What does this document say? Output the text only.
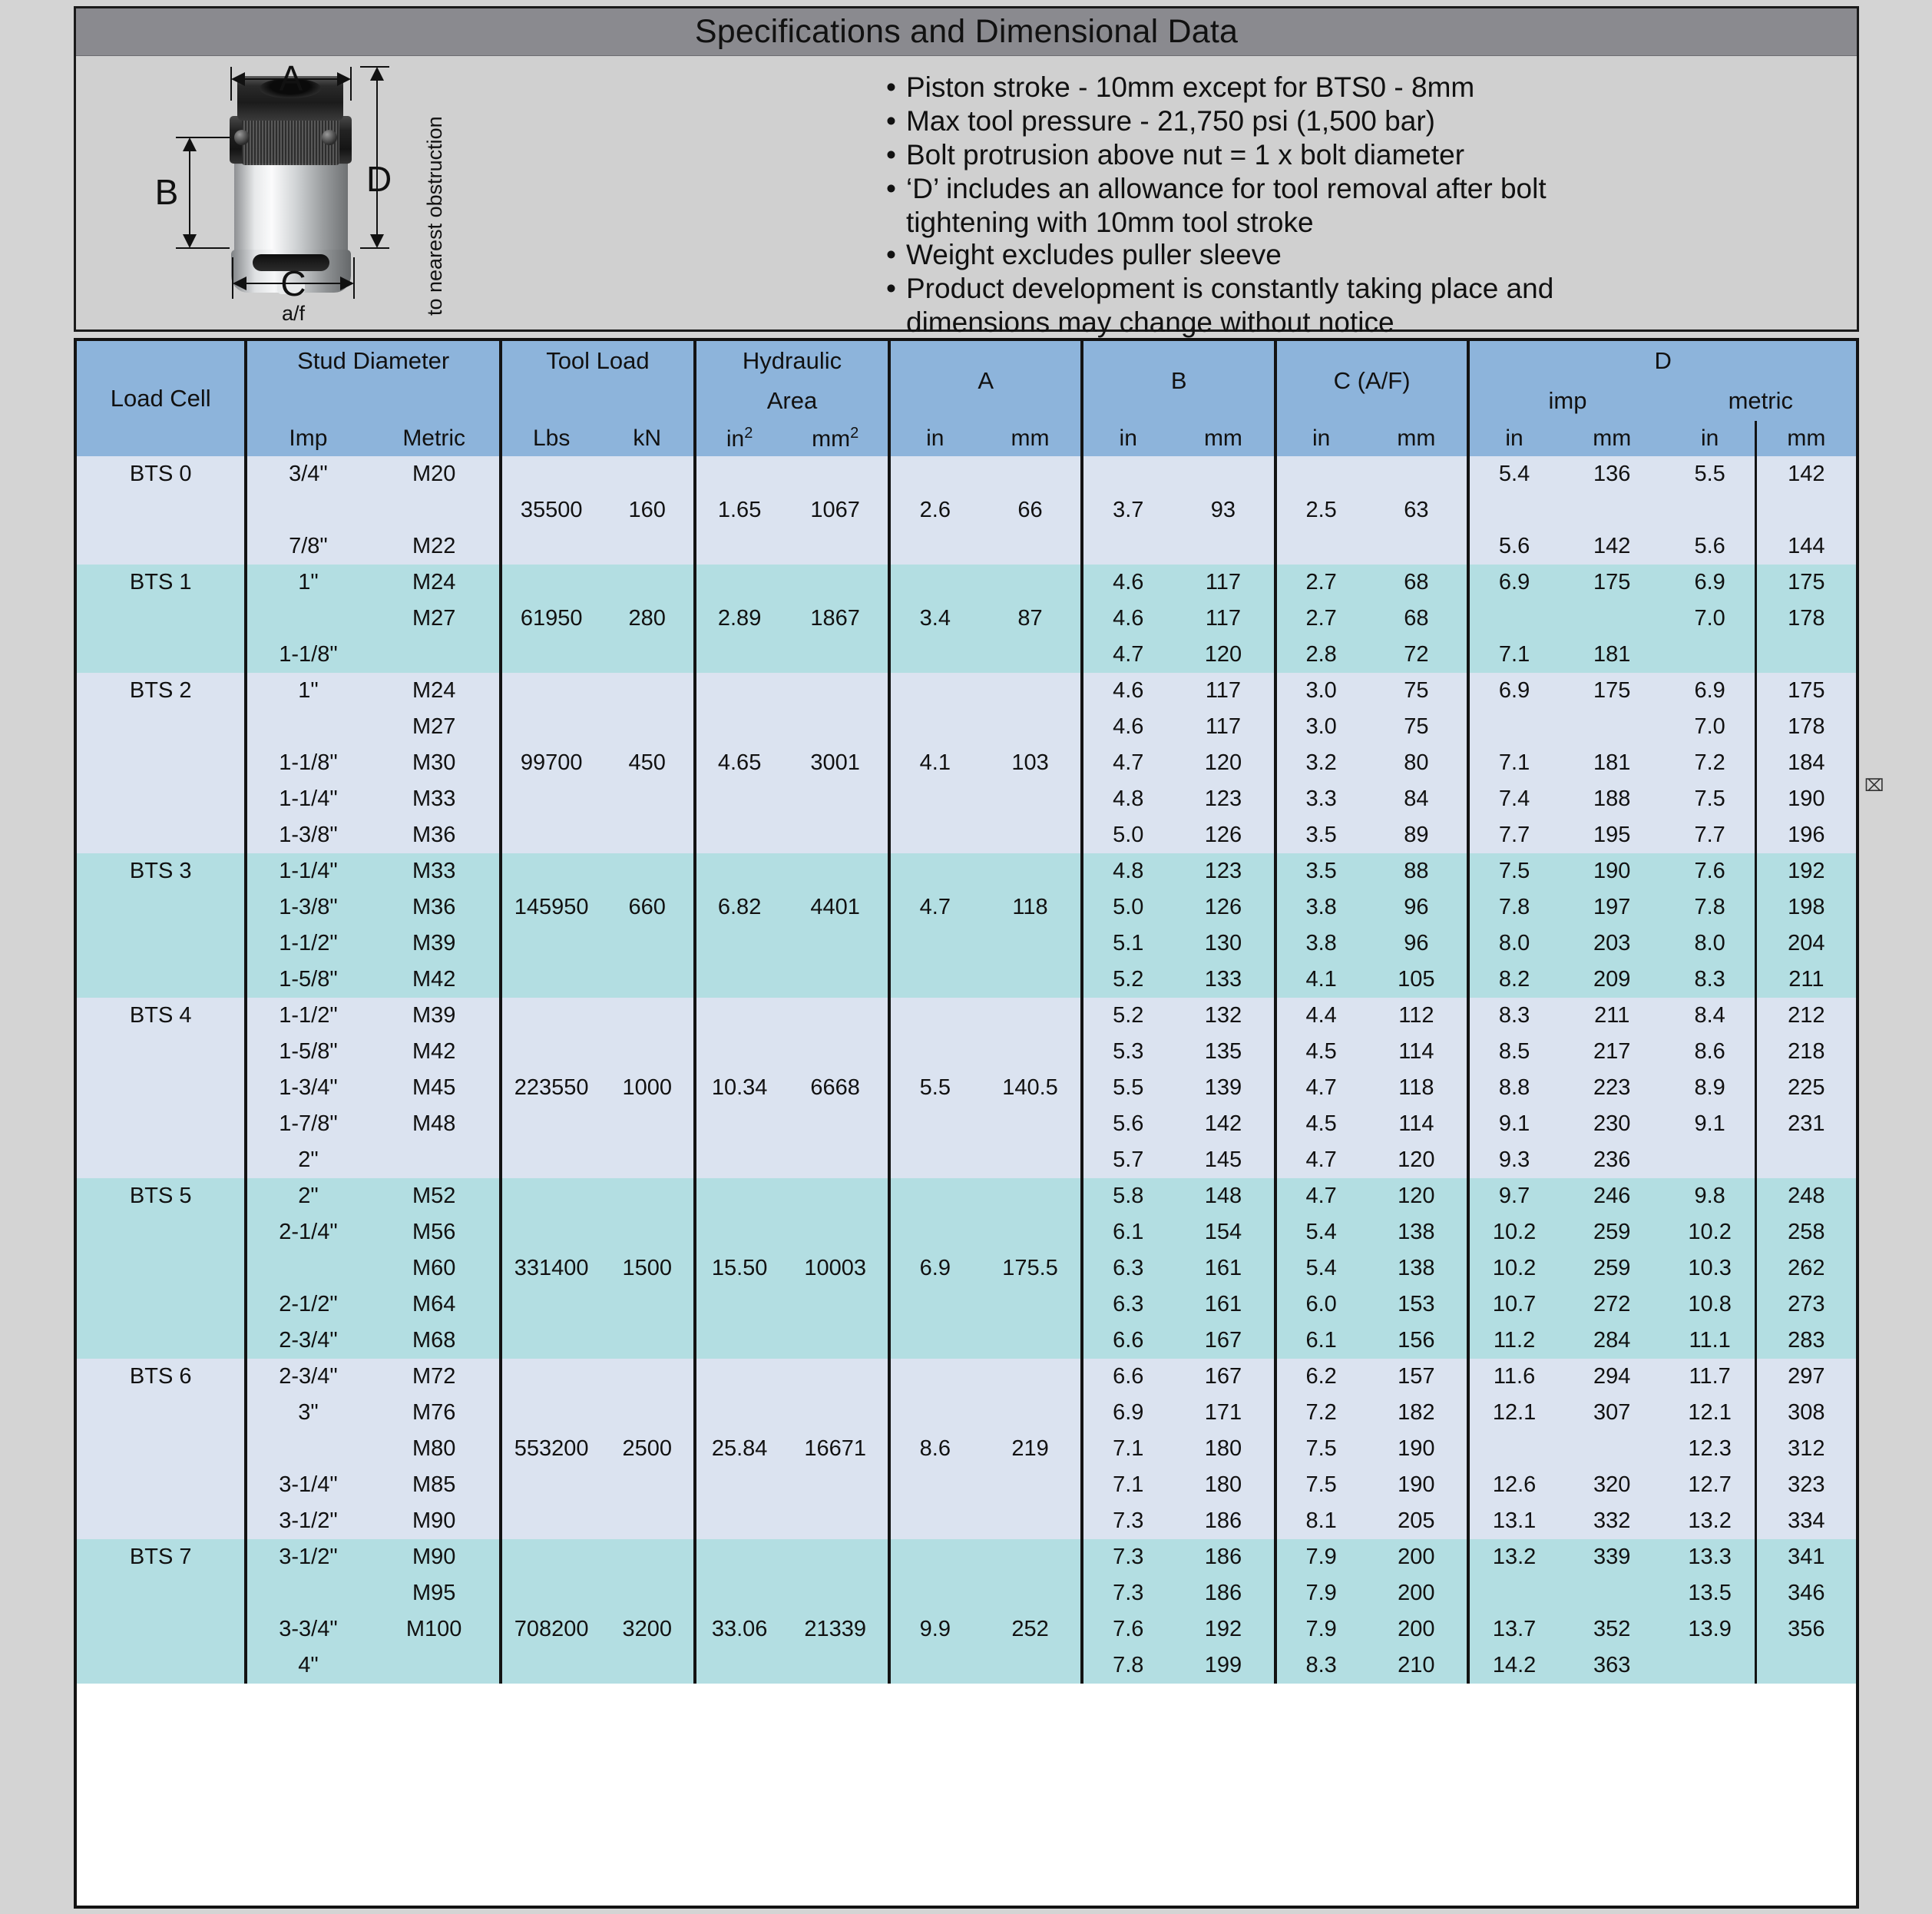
Specifications and Dimensional Data
A
B
C
a/f
D to nearest obstruction
• Piston stroke - 10mm except for BTS0 - 8mm
• Max tool pressure - 21,750 psi (1,500 bar)
• Bolt protrusion above nut = 1 x bolt diameter
• ‘D’ includes an allowance for tool removal after bolt
tightening with 10mm tool stroke
• Weight excludes puller sleeve
• Product development is constantly taking place and
dimensions may change without notice
Load Cell	Stud Diameter		Tool Load		Hydraulic		A		B		C (A/F)		D			
					Area								imp		metric	
	Imp	Metric	Lbs	kN	$in^2$	$mm^2$	in	mm	in	mm	in	mm	in	mm	in	mm
BTS 0	3/4"	M20											5.4	136	5.5	142
			35500	160	1.65	1067	2.6	66	3.7	93	2.5	63				
	7/8"	M22											5.6	142	5.6	144
BTS 1	1"	M24							4.6	117	2.7	68	6.9	175	6.9	175
		M27	61950	280	2.89	1867	3.4	87	4.6	117	2.7	68			7.0	178
	1-1/8"								4.7	120	2.8	72	7.1	181		
BTS 2	1"	M24							4.6	117	3.0	75	6.9	175	6.9	175
		M27							4.6	117	3.0	75			7.0	178
	1-1/8"	M30	99700	450	4.65	3001	4.1	103	4.7	120	3.2	80	7.1	181	7.2	184
	1-1/4"	M33							4.8	123	3.3	84	7.4	188	7.5	190
	1-3/8"	M36							5.0	126	3.5	89	7.7	195	7.7	196
BTS 3	1-1/4"	M33							4.8	123	3.5	88	7.5	190	7.6	192
	1-3/8"	M36	145950	660	6.82	4401	4.7	118	5.0	126	3.8	96	7.8	197	7.8	198
	1-1/2"	M39							5.1	130	3.8	96	8.0	203	8.0	204
	1-5/8"	M42							5.2	133	4.1	105	8.2	209	8.3	211
BTS 4	1-1/2"	M39							5.2	132	4.4	112	8.3	211	8.4	212
	1-5/8"	M42							5.3	135	4.5	114	8.5	217	8.6	218
	1-3/4"	M45	223550	1000	10.34	6668	5.5	140.5	5.5	139	4.7	118	8.8	223	8.9	225
	1-7/8"	M48							5.6	142	4.5	114	9.1	230	9.1	231
	2"								5.7	145	4.7	120	9.3	236		
BTS 5	2"	M52							5.8	148	4.7	120	9.7	246	9.8	248
	2-1/4"	M56							6.1	154	5.4	138	10.2	259	10.2	258
		M60	331400	1500	15.50	10003	6.9	175.5	6.3	161	5.4	138	10.2	259	10.3	262
	2-1/2"	M64							6.3	161	6.0	153	10.7	272	10.8	273
	2-3/4"	M68							6.6	167	6.1	156	11.2	284	11.1	283
BTS 6	2-3/4"	M72							6.6	167	6.2	157	11.6	294	11.7	297
	3"	M76							6.9	171	7.2	182	12.1	307	12.1	308
		M80	553200	2500	25.84	16671	8.6	219	7.1	180	7.5	190			12.3	312
	3-1/4"	M85							7.1	180	7.5	190	12.6	320	12.7	323
	3-1/2"	M90							7.3	186	8.1	205	13.1	332	13.2	334
BTS 7	3-1/2"	M90							7.3	186	7.9	200	13.2	339	13.3	341
		M95							7.3	186	7.9	200			13.5	346
	3-3/4"	M100	708200	3200	33.06	21339	9.9	252	7.6	192	7.9	200	13.7	352	13.9	356
	4"								7.8	199	8.3	210	14.2	363		
⌧
